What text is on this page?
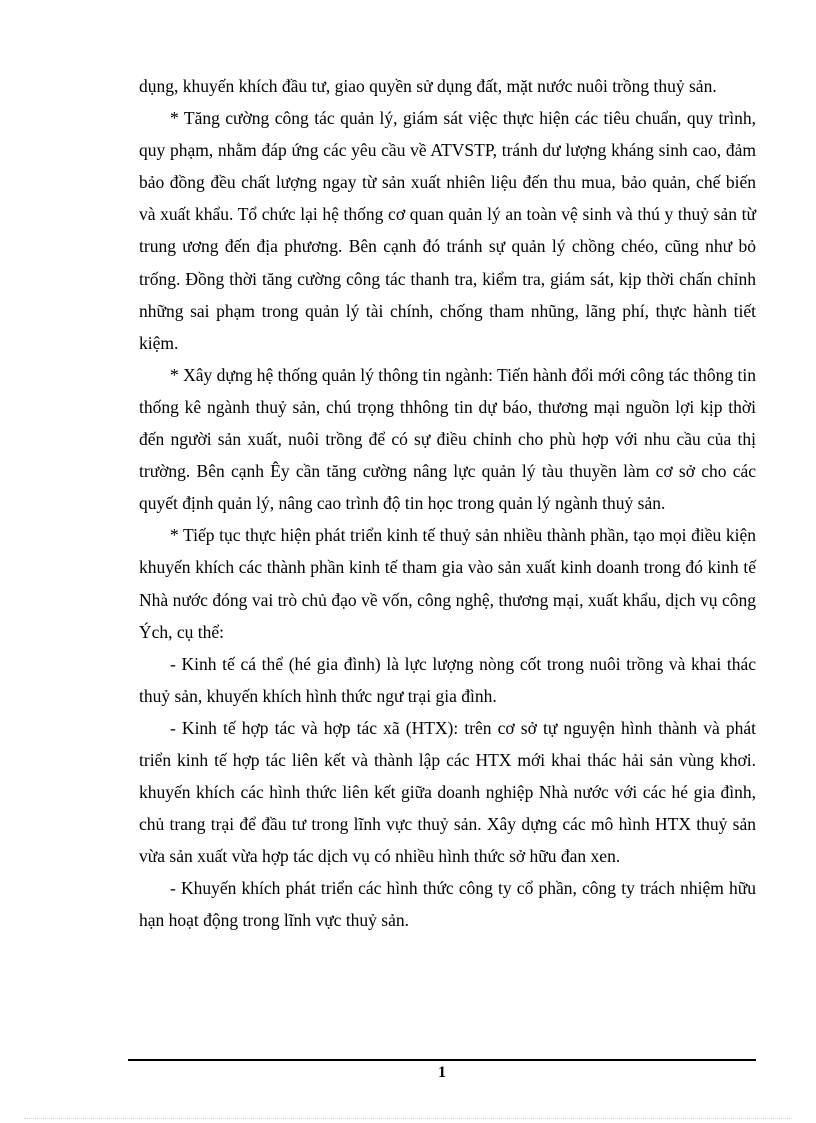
dụng, khuyến khích đầu tư, giao quyền sử dụng đất, mặt nước nuôi trồng thuỷ sản.

* Tăng cường công tác quản lý, giám sát việc thực hiện các tiêu chuẩn, quy trình, quy phạm, nhằm đáp ứng các yêu cầu về ATVSTP, tránh dư lượng kháng sinh cao, đảm bảo đồng đều chất lượng ngay từ sản xuất nhiên liệu đến thu mua, bảo quản, chế biến và xuất khẩu. Tổ chức lại hệ thống cơ quan quản lý an toàn vệ sinh và thú y thuỷ sản từ trung ương đến địa phương. Bên cạnh đó tránh sự quản lý chồng chéo, cũng như bỏ trống. Đồng thời tăng cường công tác thanh tra, kiểm tra, giám sát, kịp thời chấn chỉnh những sai phạm trong quản lý tài chính, chống tham nhũng, lãng phí, thực hành tiết kiệm.

* Xây dựng hệ thống quản lý thông tin ngành: Tiến hành đổi mới công tác thông tin thống kê ngành thuỷ sản, chú trọng thhông tin dự báo, thương mại nguồn lợi kịp thời đến người sản xuất, nuôi trồng để có sự điều chỉnh cho phù hợp với nhu cầu của thị trường. Bên cạnh Êy cần tăng cường nâng lực quản lý tàu thuyền làm cơ sở cho các quyết định quản lý, nâng cao trình độ tin học trong quản lý ngành thuỷ sản.

* Tiếp tục thực hiện phát triển kinh tế thuỷ sản nhiều thành phần, tạo mọi điều kiện khuyến khích các thành phần kinh tế tham gia vào sản xuất kinh doanh trong đó kinh tế Nhà nước đóng vai trò chủ đạo về vốn, công nghệ, thương mại, xuất khẩu, dịch vụ công Ých, cụ thể:

- Kinh tế cá thể (hé gia đình) là lực lượng nòng cốt trong nuôi trồng và khai thác thuỷ sản, khuyến khích hình thức ngư trại gia đình.

- Kinh tế hợp tác và hợp tác xã (HTX): trên cơ sở tự nguyện hình thành và phát triển kinh tế hợp tác liên kết và thành lập các HTX mới khai thác hải sản vùng khơi. khuyến khích các hình thức liên kết giữa doanh nghiệp Nhà nước với các hé gia đình, chủ trang trại để đầu tư trong lĩnh vực thuỷ sản. Xây dựng các mô hình HTX thuỷ sản vừa sản xuất vừa hợp tác dịch vụ có nhiều hình thức sở hữu đan xen.

- Khuyến khích phát triển các hình thức công ty cổ phần, công ty trách nhiệm hữu hạn hoạt động trong lĩnh vực thuỷ sản.

1
